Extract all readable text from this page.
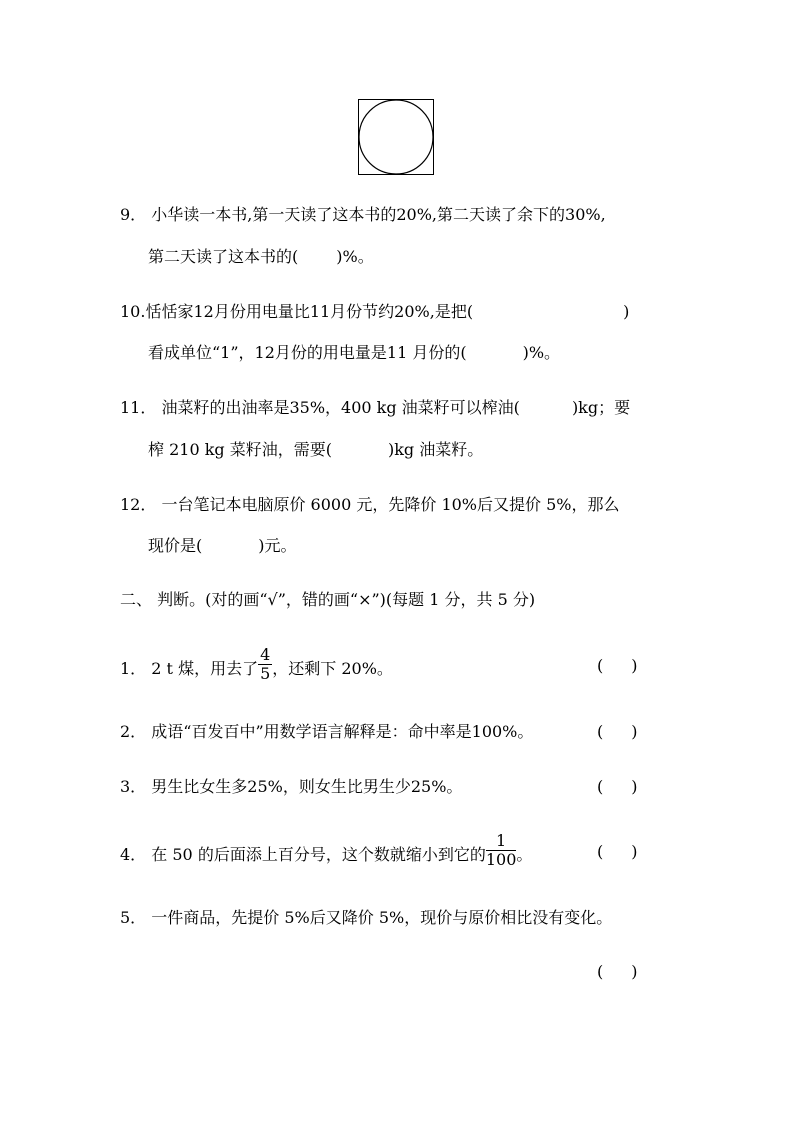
9． 小华读一本书,第一天读了这本书的20%,第二天读了余下的30%,
第二天读了这本书的( )%。
10.恬恬家12月份用电量比11月份节约20%,是把(	)
看成单位“1”，12月份的用电量是11 月份的(	)%。
11． 油菜籽的出油率是35%，400 kg 油菜籽可以榨油(	)kg；要
榨 210 kg 菜籽油，需要(	)kg 油菜籽。
12． 一台笔记本电脑原价 6000 元，先降价 10%后又提价 5%，那么
现价是(	)元。
二、 判断。(对的画“√”，错的画“×”)(每题 1 分，共 5 分)
1． 2 t 煤，用去了 $\frac{4}{5}$ ，还剩下 20%。	( )
2． 成语“百发百中”用数学语言解释是：命中率是100%。	( )
3． 男生比女生多25%，则女生比男生少25%。	( )
4． 在 50 的后面添上百分号，这个数就缩小到它的 $\frac{1}{100}$ 。	( )
5． 一件商品，先提价 5%后又降价 5%，现价与原价相比没有变化。
( )
